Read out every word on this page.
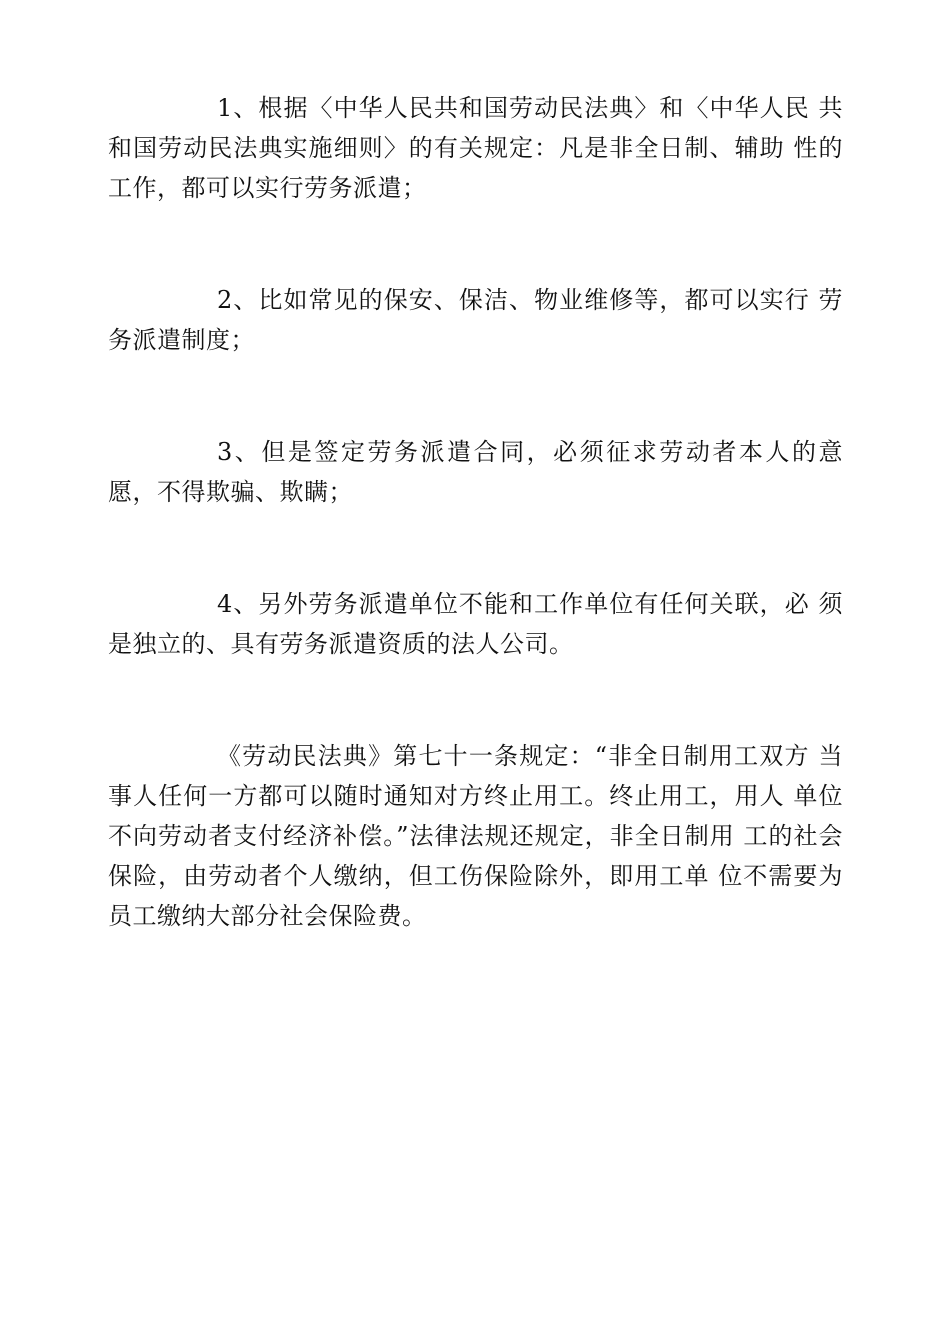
1、根据〈中华人民共和国劳动民法典〉和〈中华人民 共和国劳动民法典实施细则〉的有关规定：凡是非全日制、辅助 性的工作，都可以实行劳务派遣；

2、比如常见的保安、保洁、物业维修等，都可以实行 劳务派遣制度；

3、但是签定劳务派遣合同，必须征求劳动者本人的意 愿，不得欺骗、欺瞒；

4、另外劳务派遣单位不能和工作单位有任何关联，必 须是独立的、具有劳务派遣资质的法人公司。

《劳动民法典》第七十一条规定：“非全日制用工双方 当事人任何一方都可以随时通知对方终止用工。终止用工，用人 单位不向劳动者支付经济补偿。”法律法规还规定，非全日制用 工的社会保险，由劳动者个人缴纳，但工伤保险除外，即用工单 位不需要为员工缴纳大部分社会保险费。
